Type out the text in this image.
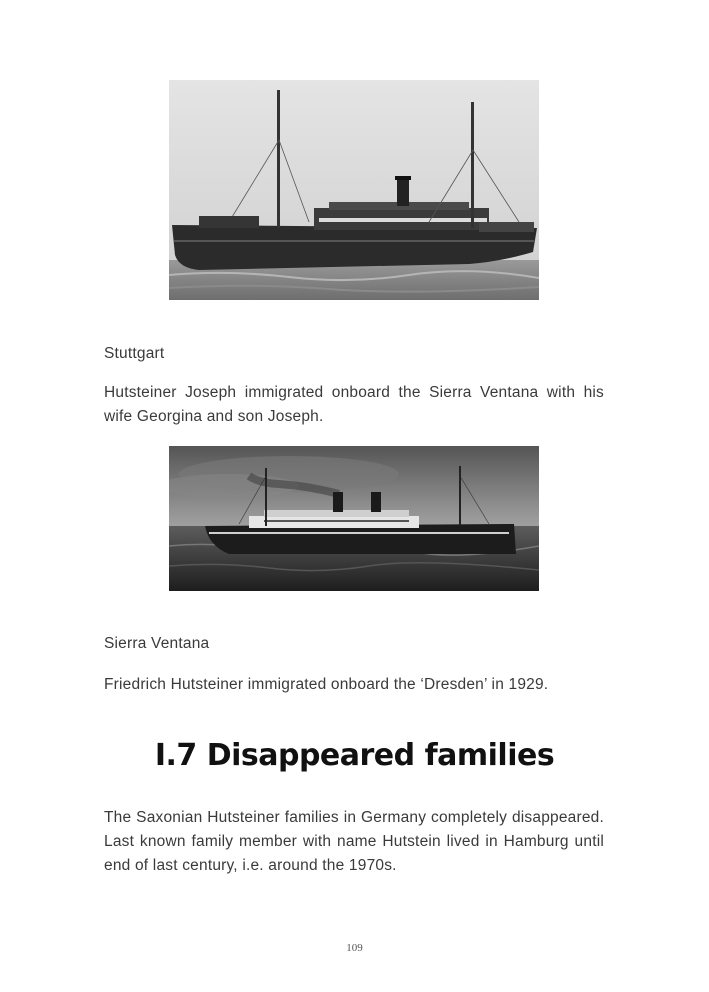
Stuttgart

Hutsteiner Joseph immigrated onboard the Sierra Ventana with his wife Georgina and son Joseph.

Sierra Ventana

Friedrich Hutsteiner immigrated onboard the ‘Dresden’ in 1929.

I.7 Disappeared families

The Saxonian Hutsteiner families in Germany completely disappeared. Last known family member with name Hutstein lived in Hamburg until end of last century, i.e. around the 1970s.

109
